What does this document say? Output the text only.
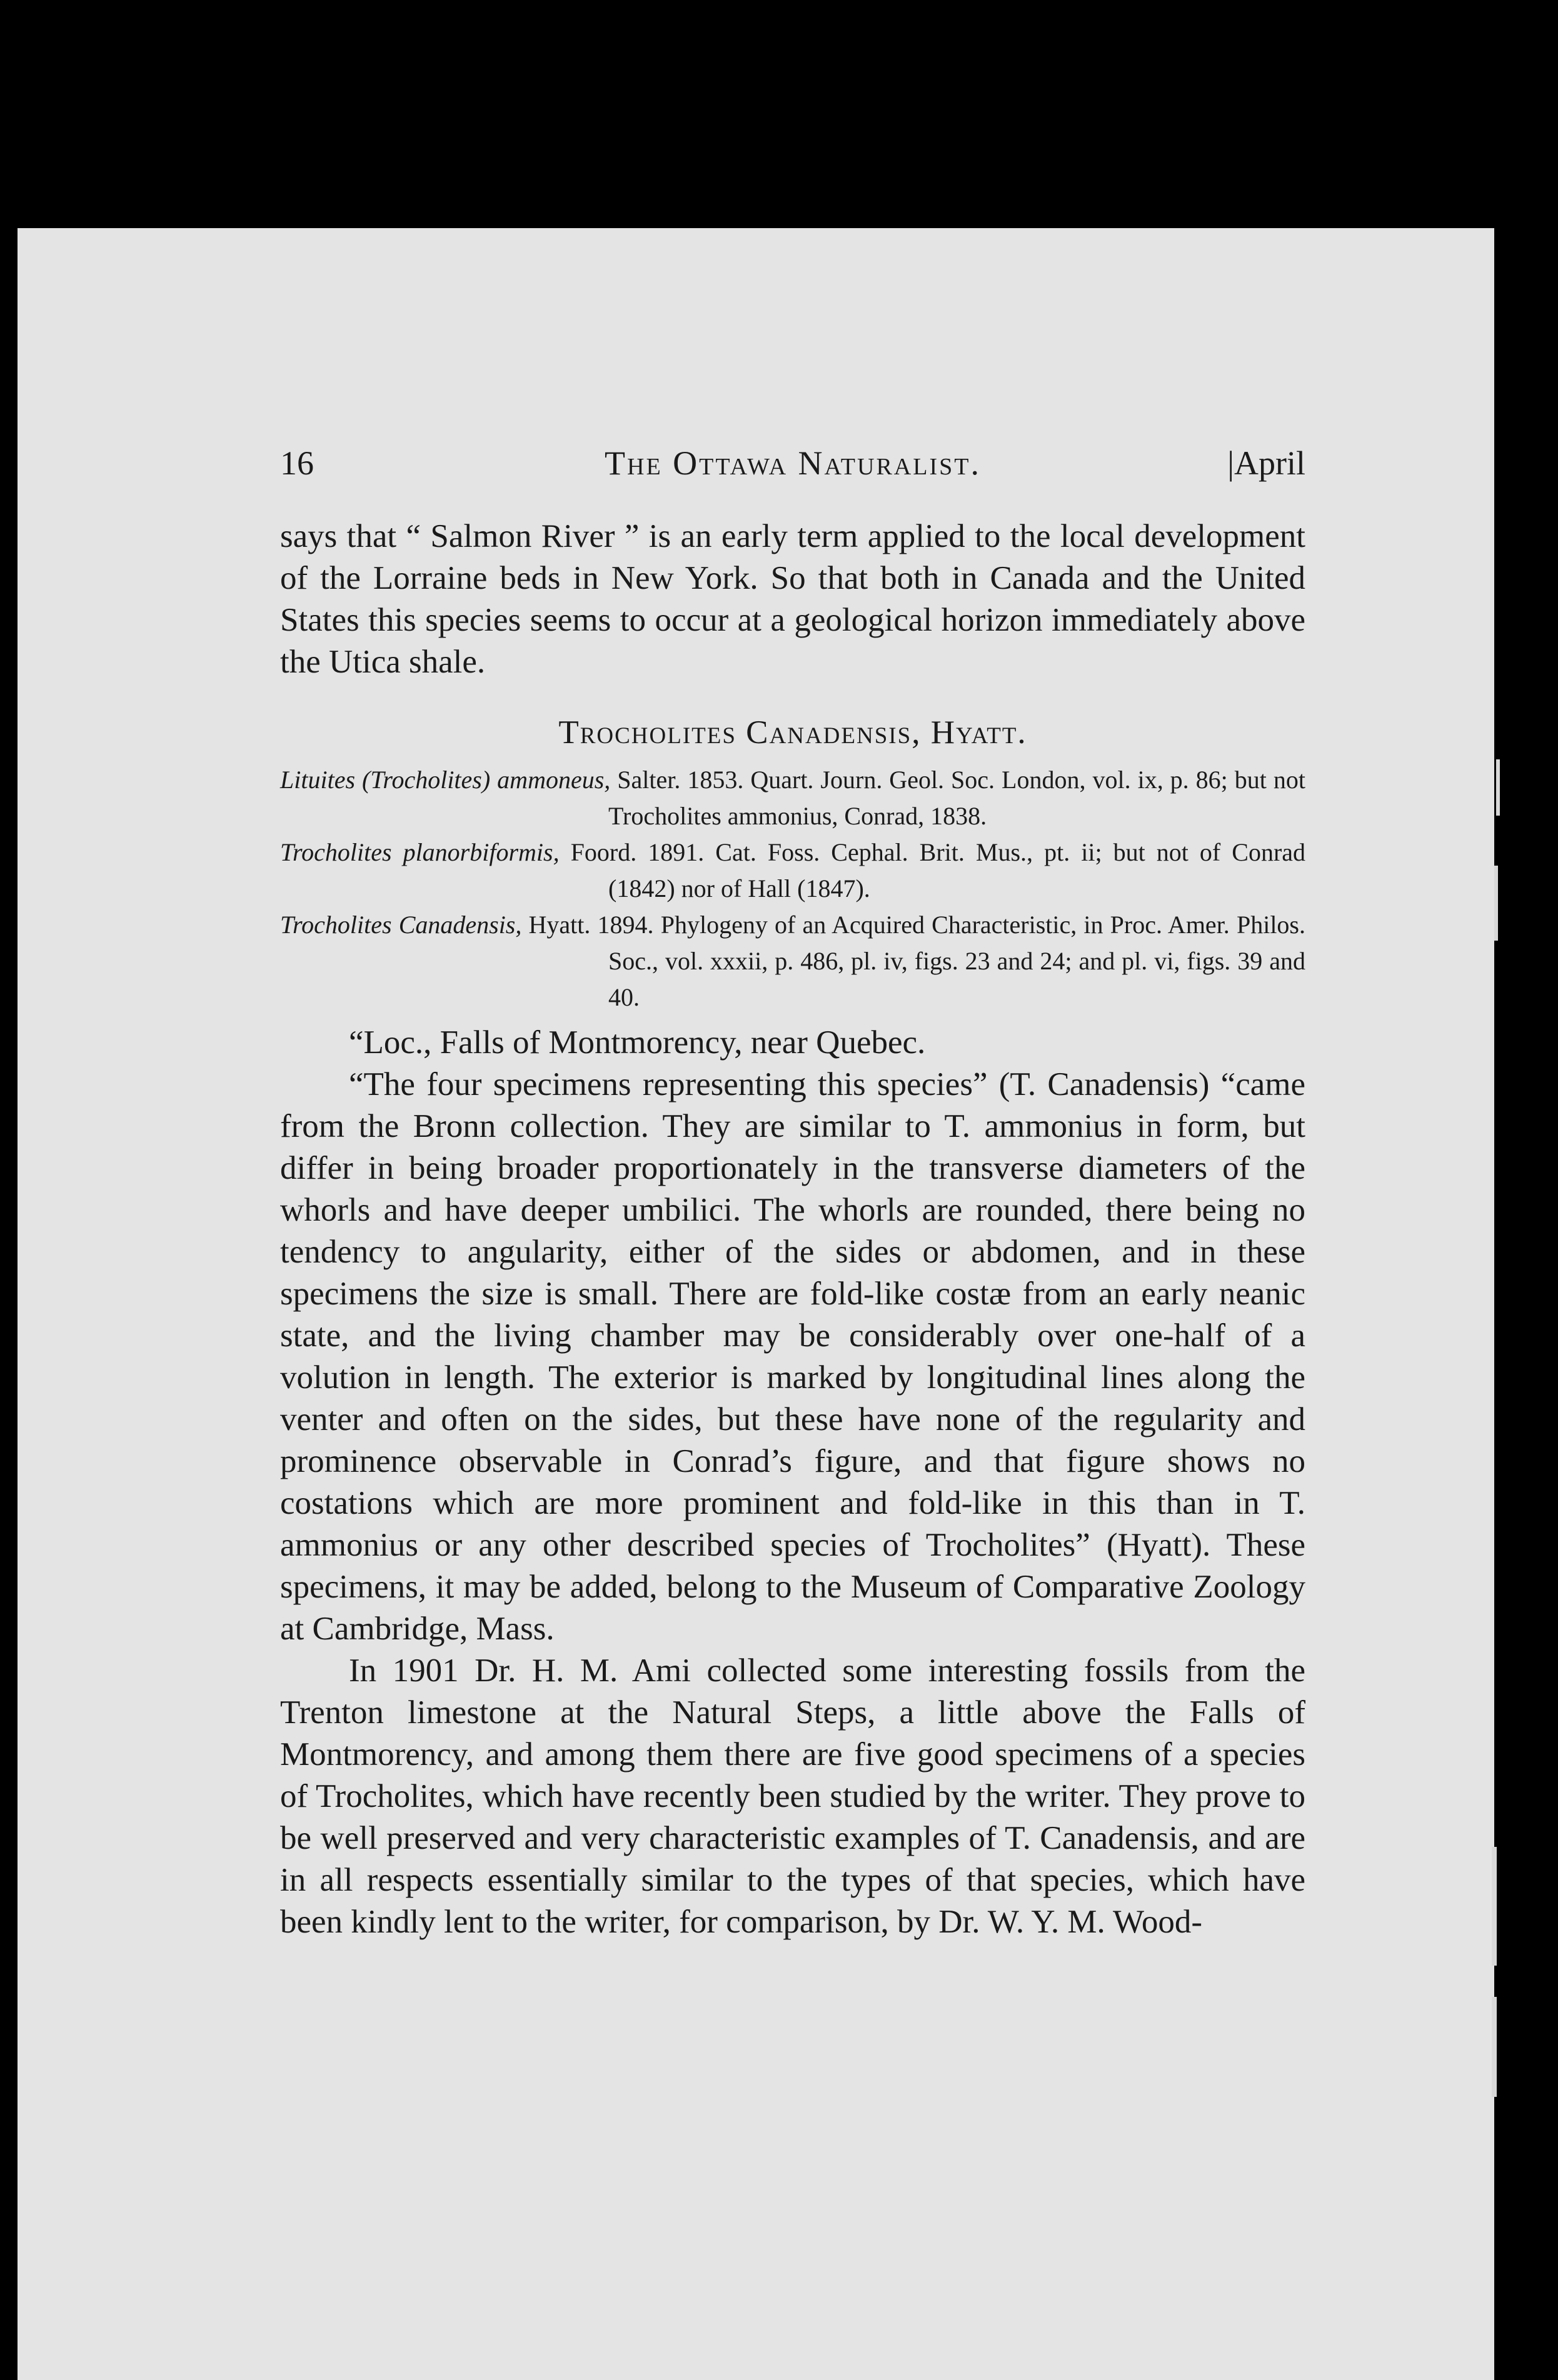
16	The Ottawa Naturalist.	|April

says that “ Salmon River ” is an early term applied to the local development of the Lorraine beds in New York. So that both in Canada and the United States this species seems to occur at a geological horizon immediately above the Utica shale.

Trocholites Canadensis, Hyatt.

Lituites (Trocholites) ammoneus, Salter. 1853. Quart. Journ. Geol. Soc. London, vol. ix, p. 86; but not Trocholites ammonius, Conrad, 1838.

Trocholites planorbiformis, Foord. 1891. Cat. Foss. Cephal. Brit. Mus., pt. ii; but not of Conrad (1842) nor of Hall (1847).

Trocholites Canadensis, Hyatt. 1894. Phylogeny of an Acquired Characteristic, in Proc. Amer. Philos. Soc., vol. xxxii, p. 486, pl. iv, figs. 23 and 24; and pl. vi, figs. 39 and 40.

“Loc., Falls of Montmorency, near Quebec.

“The four specimens representing this species” (T. Canadensis) “came from the Bronn collection. They are similar to T. ammonius in form, but differ in being broader proportionately in the transverse diameters of the whorls and have deeper umbilici. The whorls are rounded, there being no tendency to angularity, either of the sides or abdomen, and in these specimens the size is small. There are fold-like costæ from an early neanic state, and the living chamber may be considerably over one-half of a volution in length. The exterior is marked by longitudinal lines along the venter and often on the sides, but these have none of the regularity and prominence observable in Conrad’s figure, and that figure shows no costations which are more prominent and fold-like in this than in T. ammonius or any other described species of Trocholites” (Hyatt). These specimens, it may be added, belong to the Museum of Comparative Zoology at Cambridge, Mass.

In 1901 Dr. H. M. Ami collected some interesting fossils from the Trenton limestone at the Natural Steps, a little above the Falls of Montmorency, and among them there are five good specimens of a species of Trocholites, which have recently been studied by the writer. They prove to be well preserved and very characteristic examples of T. Canadensis, and are in all respects essentially similar to the types of that species, which have been kindly lent to the writer, for comparison, by Dr. W. Y. M. Wood-
